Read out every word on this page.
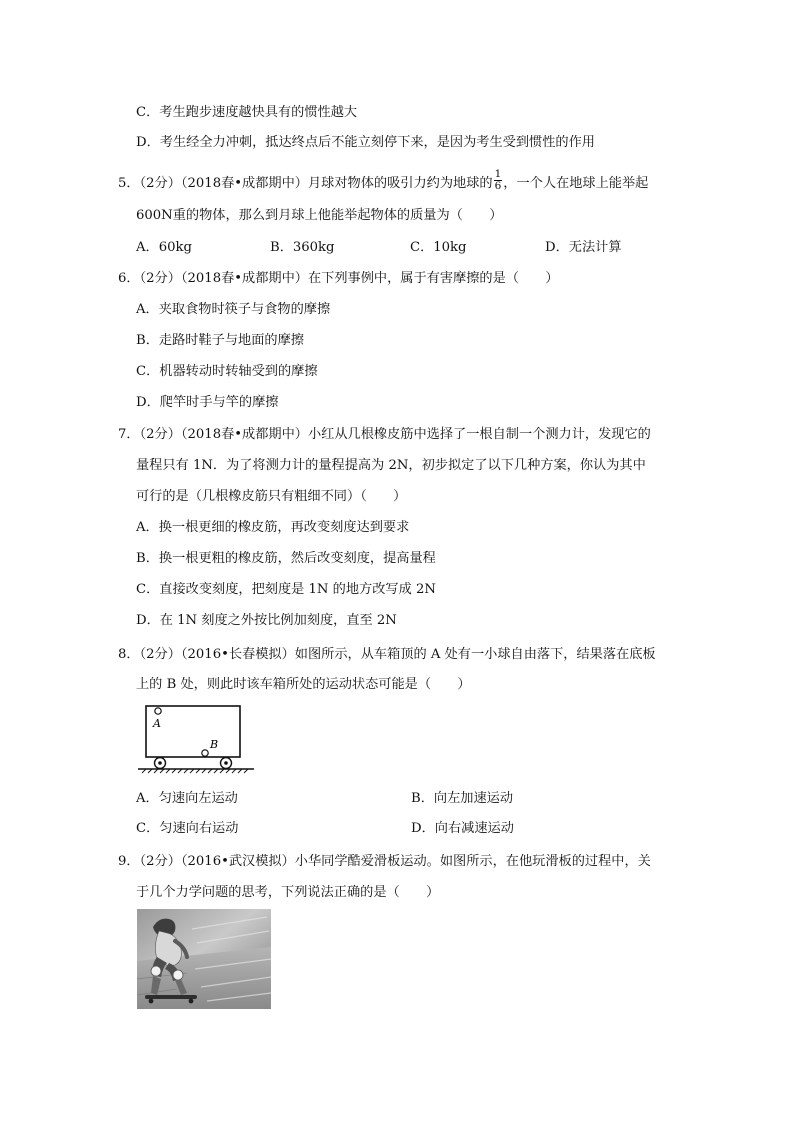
C．考生跑步速度越快具有的惯性越大
D．考生经全力冲刺，抵达终点后不能立刻停下来，是因为考生受到惯性的作用
5．（2分）（2018春•成都期中）月球对物体的吸引力约为地球的 $\frac{1}{6}$ ，一个人在地球上能举起
600N重的物体，那么到月球上他能举起物体的质量为（　　）
A．60kg	B．360kg	C．10kg	D．无法计算
6．（2分）（2018春•成都期中）在下列事例中，属于有害摩擦的是（　　）
A．夹取食物时筷子与食物的摩擦
B．走路时鞋子与地面的摩擦
C．机器转动时转轴受到的摩擦
D．爬竿时手与竿的摩擦
7．（2分）（2018春•成都期中）小红从几根橡皮筋中选择了一根自制一个测力计，发现它的
量程只有 1N．为了将测力计的量程提高为 2N，初步拟定了以下几种方案，你认为其中
可行的是（几根橡皮筋只有粗细不同）（　　）
A．换一根更细的橡皮筋，再改变刻度达到要求
B．换一根更粗的橡皮筋，然后改变刻度，提高量程
C．直接改变刻度，把刻度是 1N 的地方改写成 2N
D．在 1N 刻度之外按比例加刻度，直至 2N
8．（2分）（2016•长春模拟）如图所示，从车箱顶的 A 处有一小球自由落下，结果落在底板
上的 B 处，则此时该车箱所处的运动状态可能是（　　）
A
B
A．匀速向左运动	B．向左加速运动
C．匀速向右运动	D．向右减速运动
9．（2分）（2016•武汉模拟）小华同学酷爱滑板运动。如图所示，在他玩滑板的过程中，关
于几个力学问题的思考，下列说法正确的是（　　）
